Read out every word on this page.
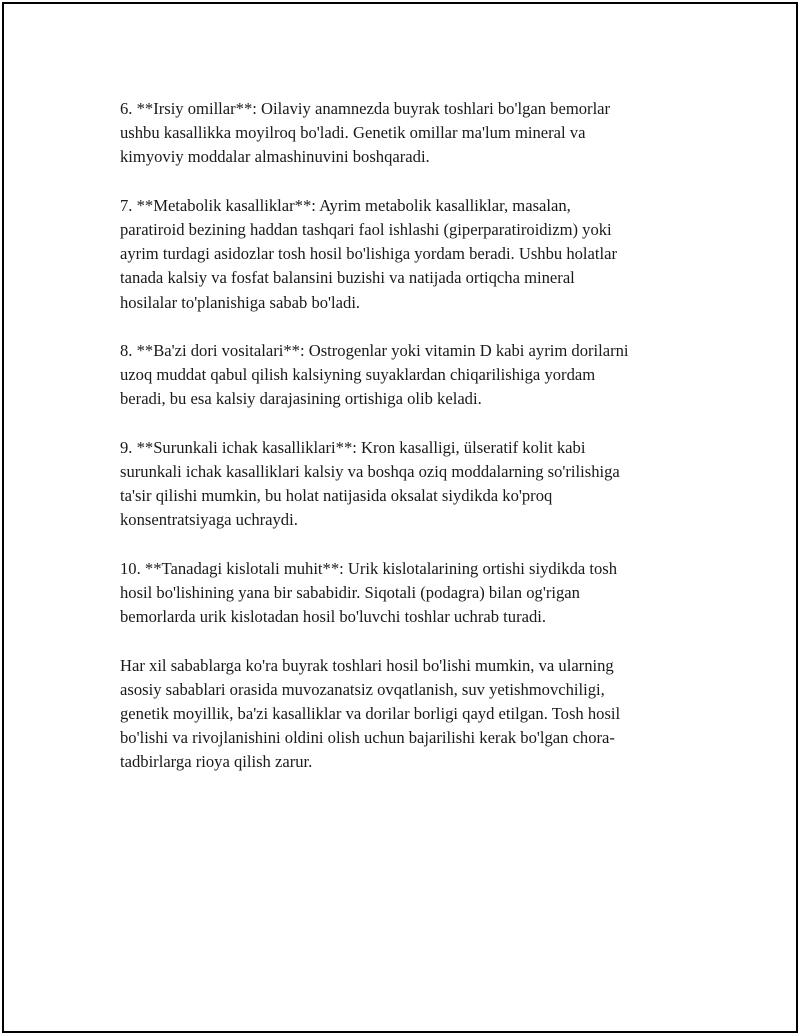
6. **Irsiy omillar**: Oilaviy anamnezda buyrak toshlari bo'lgan bemorlar
ushbu kasallikka moyilroq bo'ladi. Genetik omillar ma'lum mineral va
kimyoviy moddalar almashinuvini boshqaradi.

7. **Metabolik kasalliklar**: Ayrim metabolik kasalliklar, masalan,
paratiroid bezining haddan tashqari faol ishlashi (giperparatiroidizm) yoki
ayrim turdagi asidozlar tosh hosil bo'lishiga yordam beradi. Ushbu holatlar
tanada kalsiy va fosfat balansini buzishi va natijada ortiqcha mineral
hosilalar to'planishiga sabab bo'ladi.

8. **Ba'zi dori vositalari**: Ostrogenlar yoki vitamin D kabi ayrim dorilarni
uzoq muddat qabul qilish kalsiyning suyaklardan chiqarilishiga yordam
beradi, bu esa kalsiy darajasining ortishiga olib keladi.

9. **Surunkali ichak kasalliklari**: Kron kasalligi, ülseratif kolit kabi
surunkali ichak kasalliklari kalsiy va boshqa oziq moddalarning so'rilishiga
ta'sir qilishi mumkin, bu holat natijasida oksalat siydikda ko'proq
konsentratsiyaga uchraydi.

10. **Tanadagi kislotali muhit**: Urik kislotalarining ortishi siydikda tosh
hosil bo'lishining yana bir sababidir. Siqotali (podagra) bilan og'rigan
bemorlarda urik kislotadan hosil bo'luvchi toshlar uchrab turadi.

Har xil sabablarga ko'ra buyrak toshlari hosil bo'lishi mumkin, va ularning
asosiy sabablari orasida muvozanatsiz ovqatlanish, suv yetishmovchiligi,
genetik moyillik, ba'zi kasalliklar va dorilar borligi qayd etilgan. Tosh hosil
bo'lishi va rivojlanishini oldini olish uchun bajarilishi kerak bo'lgan chora-
tadbirlarga rioya qilish zarur.
